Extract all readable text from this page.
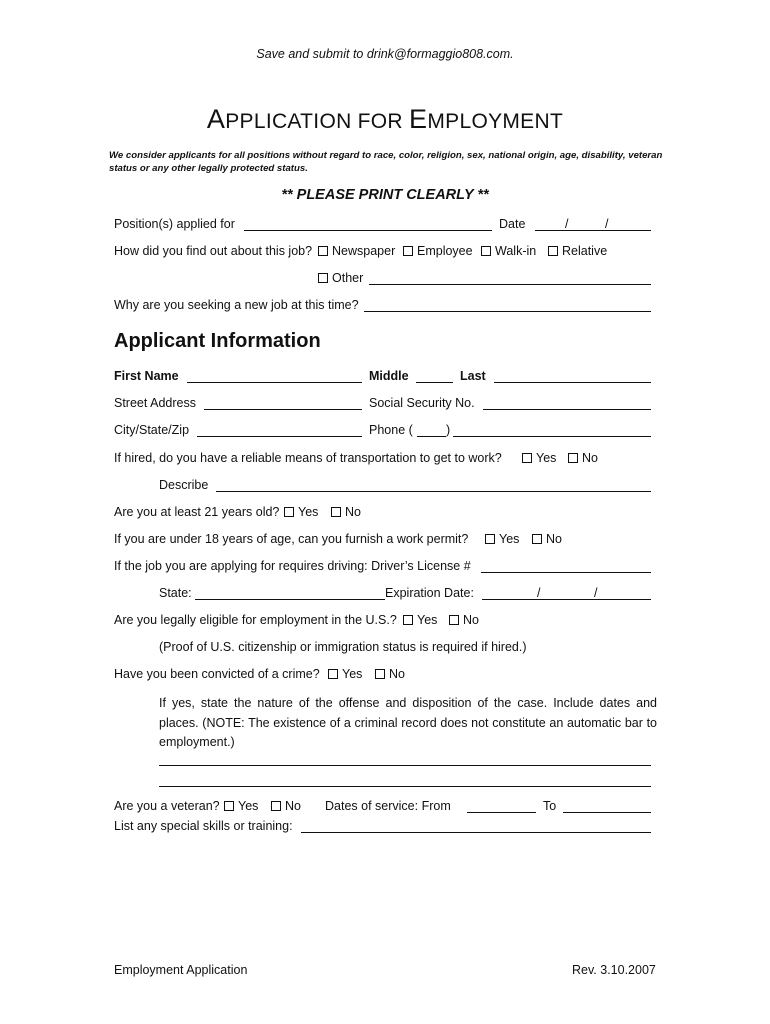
Save and submit to drink@formaggio808.com.
APPLICATION FOR EMPLOYMENT
We consider applicants for all positions without regard to race, color, religion, sex, national origin, age, disability, veteran status or any other legally protected status.
** PLEASE PRINT CLEARLY **
Position(s) applied for	Date	/	/
How did you find out about this job? Newspaper Employee Walk-in Relative
Other
Why are you seeking a new job at this time?
Applicant Information
First Name	Middle	Last
Street Address	Social Security No.
City/State/Zip	Phone (	)
If hired, do you have a reliable means of transportation to get to work?	Yes No
Describe
Are you at least 21 years old? Yes No
If you are under 18 years of age, can you furnish a work permit? Yes No
If the job you are applying for requires driving: Driver’s License #
State:	Expiration Date:	/	/
Are you legally eligible for employment in the U.S.? Yes No
(Proof of U.S. citizenship or immigration status is required if hired.)
Have you been convicted of a crime? Yes No
If yes, state the nature of the offense and disposition of the case. Include dates and places. (NOTE: The existence of a criminal record does not constitute an automatic bar to employment.)
Are you a veteran? Yes No Dates of service: From	To
List any special skills or training:
Employment Application	Rev. 3.10.2007
